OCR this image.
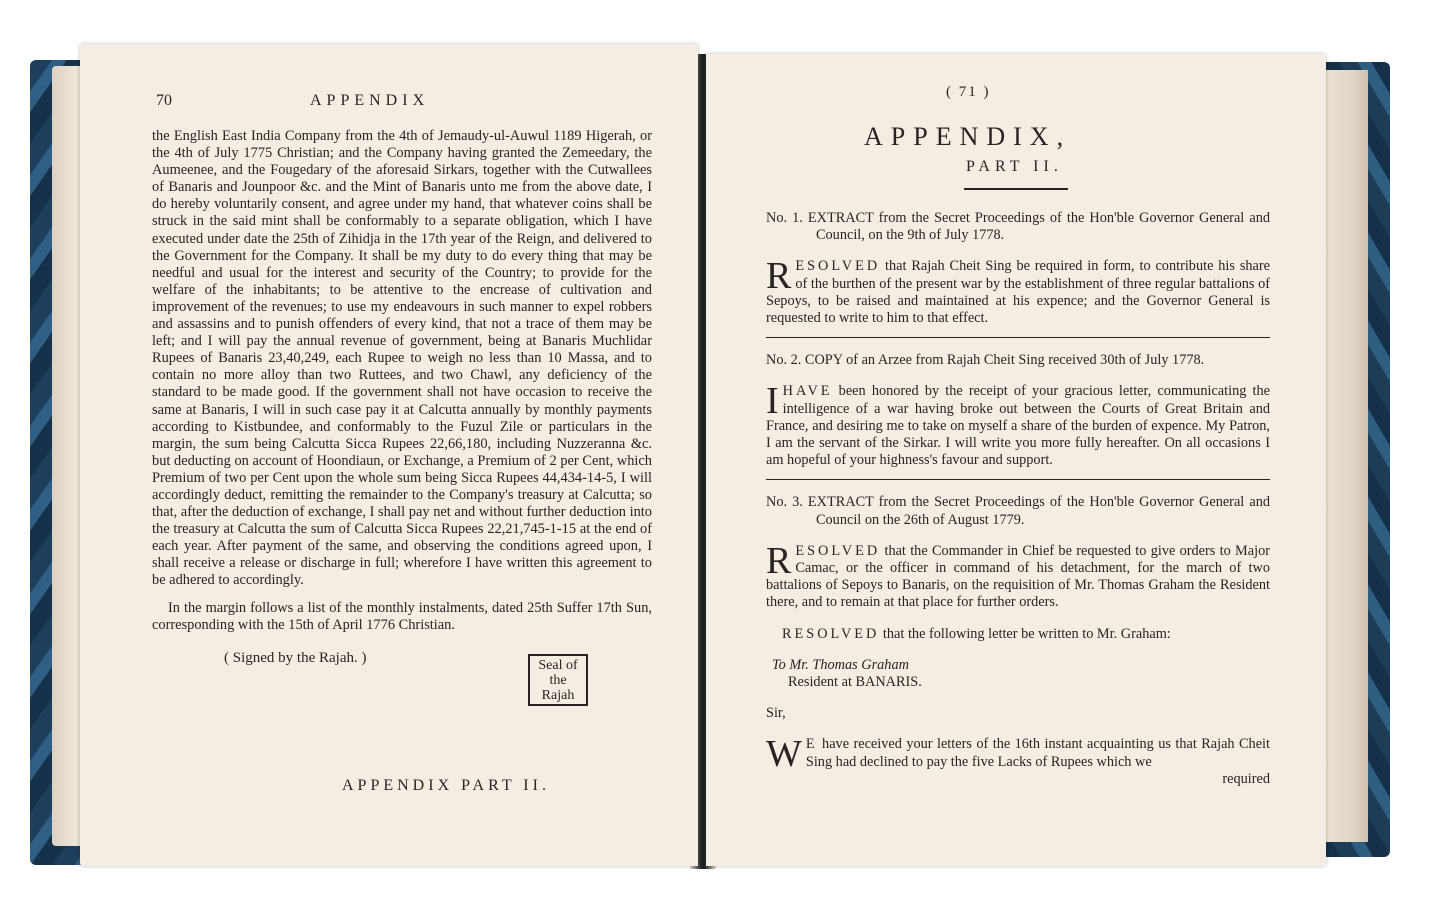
70	APPENDIX

the English East India Company from the 4th of Jemaudy-ul-Auwul 1189 Higerah, or the 4th of July 1775 Christian; and the Company having granted the Zemeedary, the Aumeenee, and the Fougedary of the aforesaid Sirkars, together with the Cutwallees of Banaris and Jounpoor &c. and the Mint of Banaris unto me from the above date, I do hereby voluntarily consent, and agree under my hand, that whatever coins shall be struck in the said mint shall be conformably to a separate obligation, which I have executed under date the 25th of Zihidja in the 17th year of the Reign, and delivered to the Government for the Company. It shall be my duty to do every thing that may be needful and usual for the interest and security of the Country; to provide for the welfare of the inhabitants; to be attentive to the encrease of cultivation and improvement of the revenues; to use my endeavours in such manner to expel robbers and assassins and to punish offenders of every kind, that not a trace of them may be left; and I will pay the annual revenue of government, being at Banaris Muchlidar Rupees of Banaris 23,40,249, each Rupee to weigh no less than 10 Massa, and to contain no more alloy than two Ruttees, and two Chawl, any deficiency of the standard to be made good. If the government shall not have occasion to receive the same at Banaris, I will in such case pay it at Calcutta annually by monthly payments according to Kistbundee, and conformably to the Fuzul Zile or particulars in the margin, the sum being Calcutta Sicca Rupees 22,66,180, including Nuzzeranna &c. but deducting on account of Hoondiaun, or Exchange, a Premium of 2 per Cent, which Premium of two per Cent upon the whole sum being Sicca Rupees 44,434-14-5, I will accordingly deduct, remitting the remainder to the Company's treasury at Calcutta; so that, after the deduction of exchange, I shall pay net and without further deduction into the treasury at Calcutta the sum of Calcutta Sicca Rupees 22,21,745-1-15 at the end of each year. After payment of the same, and observing the conditions agreed upon, I shall receive a release or discharge in full; wherefore I have written this agreement to be adhered to accordingly.

In the margin follows a list of the monthly instalments, dated 25th Suffer 17th Sun, corresponding with the 15th of April 1776 Christian.

( Signed by the Rajah. )	Seal of
the
Rajah
APPENDIX PART II.
( 71 )
APPENDIX,
PART II.
No. 1. EXTRACT from the Secret Proceedings of the Hon'ble Governor General and Council, on the 9th of July 1778.
RESOLVED that Rajah Cheit Sing be required in form, to contribute his share of the burthen of the present war by the establishment of three regular battalions of Sepoys, to be raised and maintained at his expence; and the Governor General is requested to write to him to that effect.
No. 2. COPY of an Arzee from Rajah Cheit Sing received 30th of July 1778.
IHAVE been honored by the receipt of your gracious letter, communicating the intelligence of a war having broke out between the Courts of Great Britain and France, and desiring me to take on myself a share of the burden of expence. My Patron, I am the servant of the Sirkar. I will write you more fully hereafter. On all occasions I am hopeful of your highness's favour and support.
No. 3. EXTRACT from the Secret Proceedings of the Hon'ble Governor General and Council on the 26th of August 1779.
RESOLVED that the Commander in Chief be requested to give orders to Major Camac, or the officer in command of his detachment, for the march of two battalions of Sepoys to Banaris, on the requisition of Mr. Thomas Graham the Resident there, and to remain at that place for further orders.
RESOLVED that the following letter be written to Mr. Graham:
To Mr. Thomas Graham
Resident at BANARIS.
Sir,
W E have received your letters of the 16th instant acquainting us that Rajah Cheit Sing had declined to pay the five Lacks of Rupees which we
required
